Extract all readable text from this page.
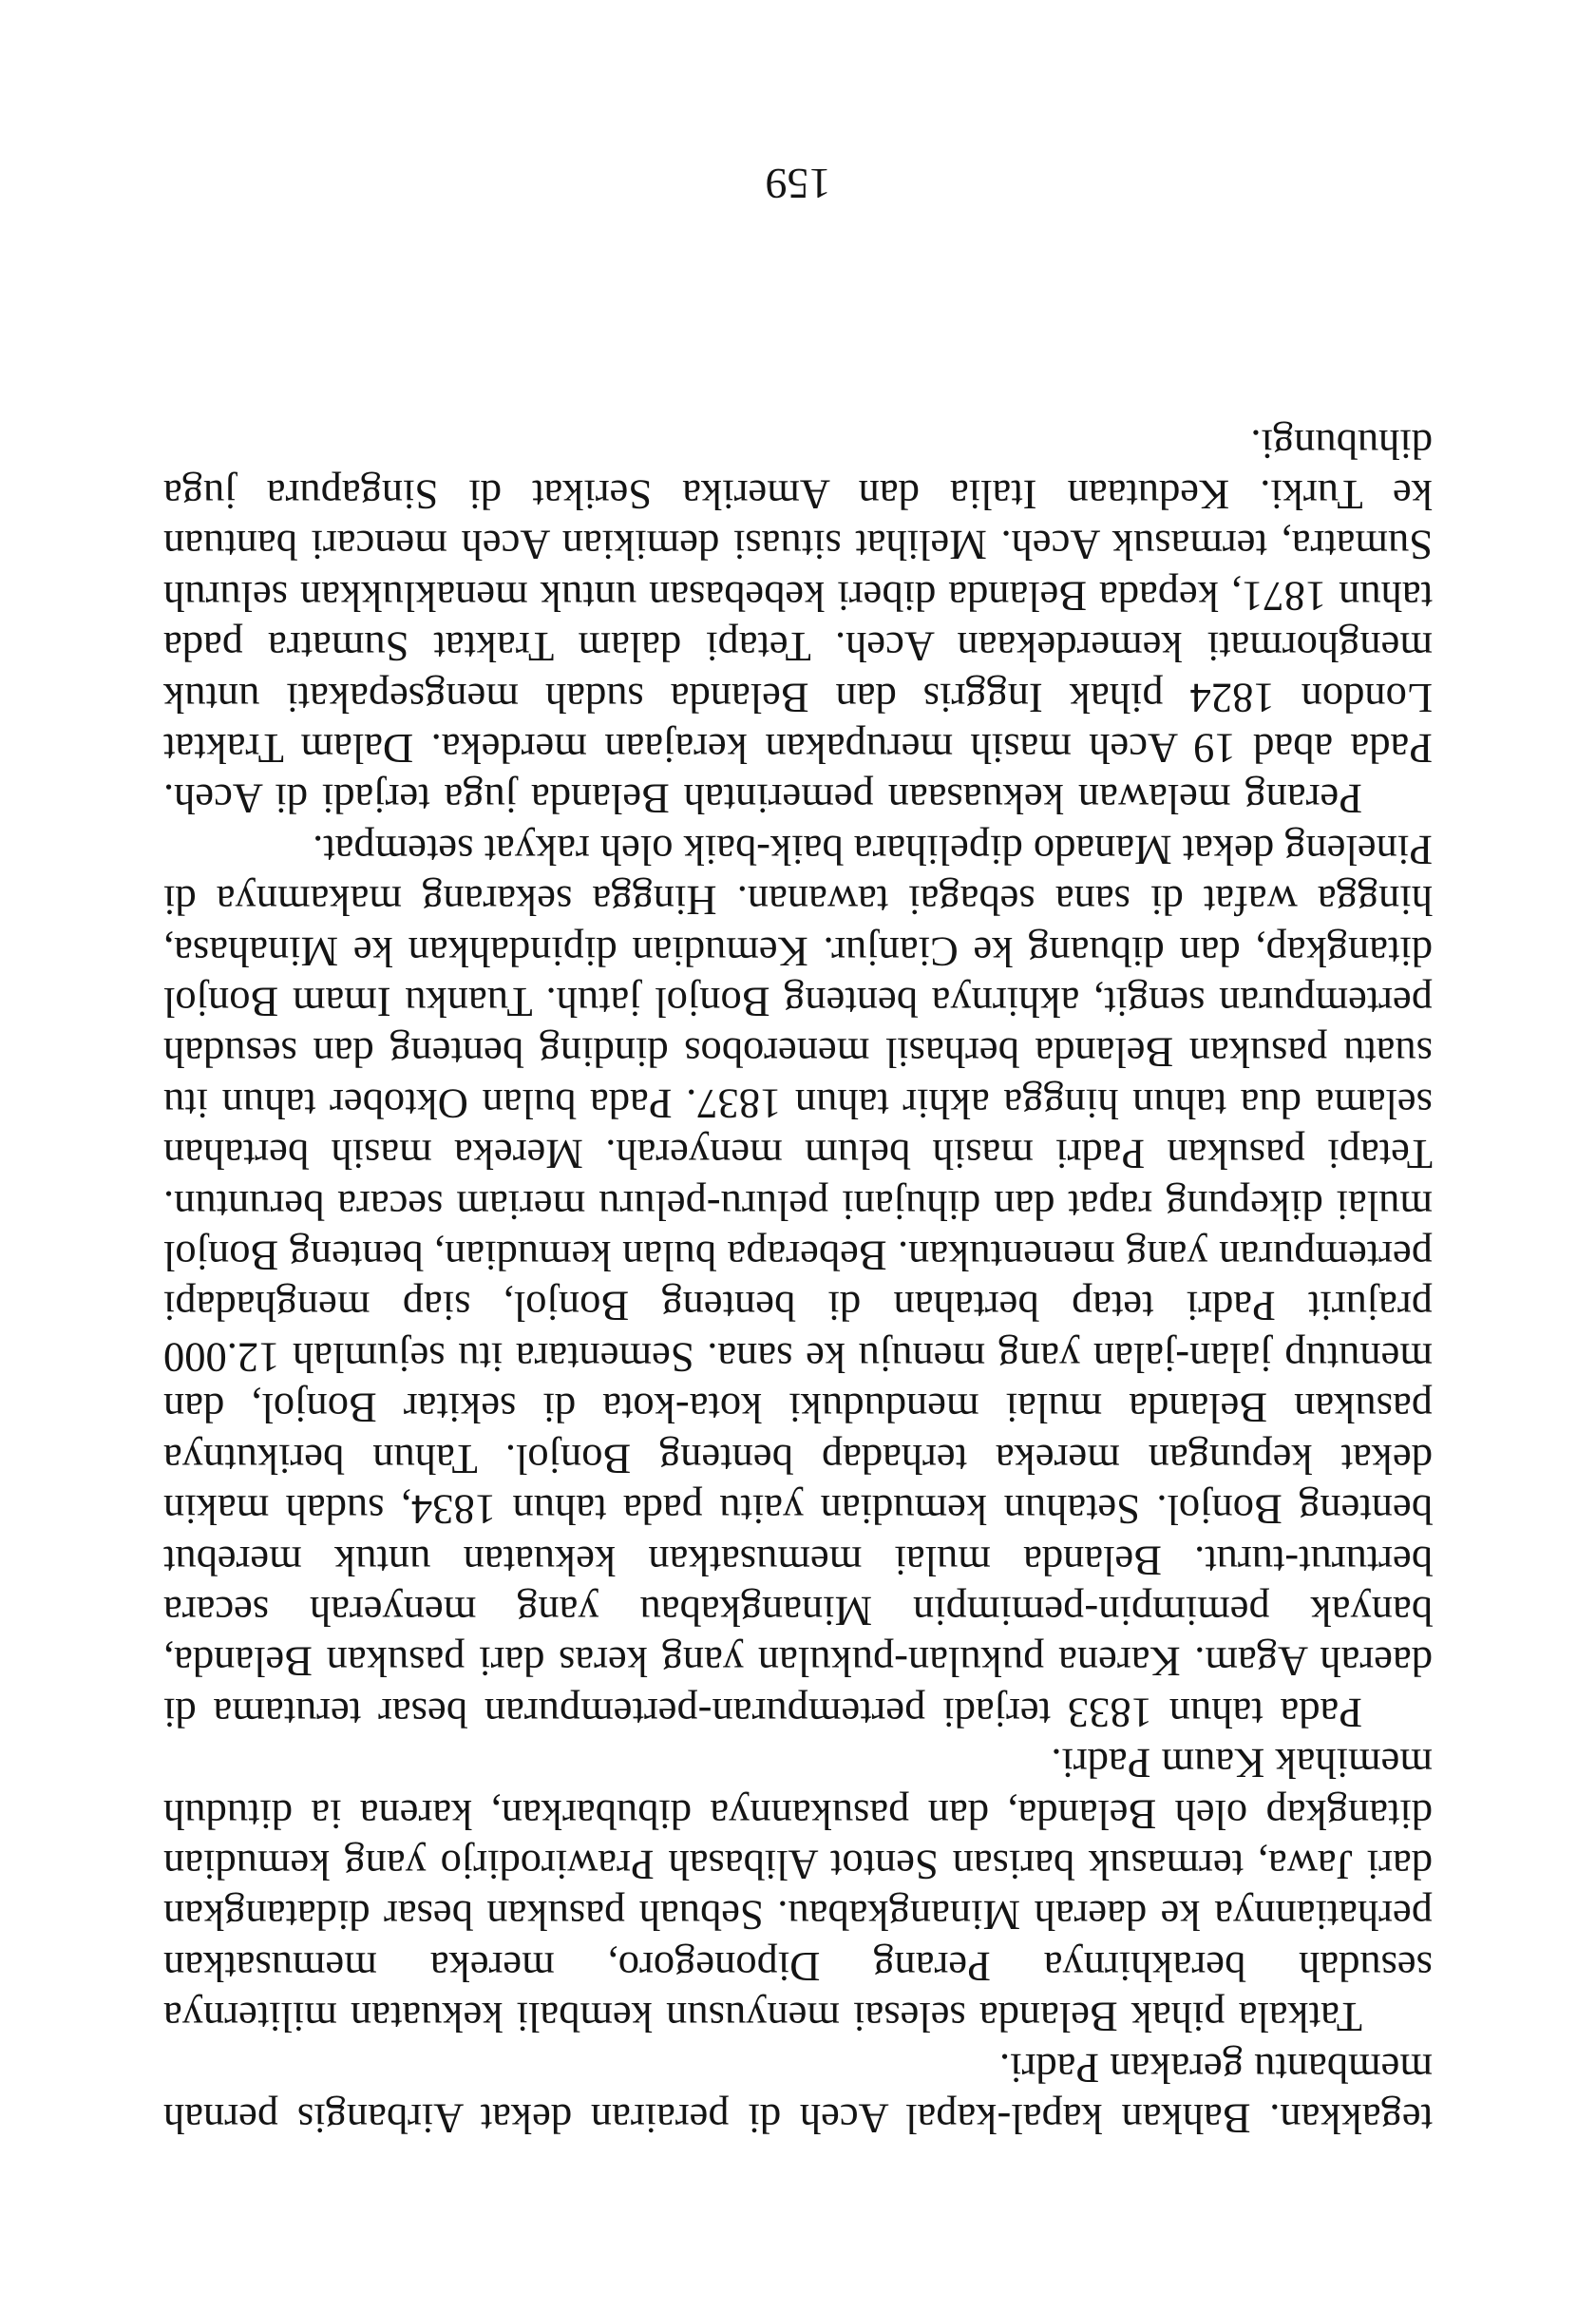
tegakkan. Bahkan kapal-kapal Aceh di perairan dekat Airbangis pernah membantu gerakan Padri.

Tatkala pihak Belanda selesai menyusun kembali kekuatan militernya sesudah berakhirnya Perang Diponegoro, mereka memusatkan perhatiannya ke daerah Minangkabau. Sebuah pasukan besar didatangkan dari Jawa, termasuk barisan Sentot Alibasah Prawirodirjo yang kemudian ditangkap oleh Belanda, dan pasukannya dibubarkan, karena ia dituduh memihak Kaum Padri.

Pada tahun 1833 terjadi pertempuran-pertempuran besar terutama di daerah Agam. Karena pukulan-pukulan yang keras dari pasukan Belanda, banyak pemimpin-pemimpin Minangkabau yang menyerah secara berturut-turut. Belanda mulai memusatkan kekuatan untuk merebut benteng Bonjol. Setahun kemudian yaitu pada tahun 1834, sudah makin dekat kepungan mereka terhadap benteng Bonjol. Tahun berikutnya pasukan Belanda mulai menduduki kota-kota di sekitar Bonjol, dan menutup jalan-jalan yang menuju ke sana. Sementara itu sejumlah 12.000 prajurit Padri tetap bertahan di benteng Bonjol, siap menghadapi pertempuran yang menentukan. Beberapa bulan kemudian, benteng Bonjol mulai dikepung rapat dan dihujani peluru-peluru meriam secara beruntun. Tetapi pasukan Padri masih belum menyerah. Mereka masih bertahan selama dua tahun hingga akhir tahun 1837. Pada bulan Oktober tahun itu suatu pasukan Belanda berhasil menerobos dinding benteng dan sesudah pertempuran sengit, akhirnya benteng Bonjol jatuh. Tuanku Imam Bonjol ditangkap, dan dibuang ke Cianjur. Kemudian dipindahkan ke Minahasa, hingga wafat di sana sebagai tawanan. Hingga sekarang makamnya di Pineleng dekat Manado dipelihara baik-baik oleh rakyat setempat.

Perang melawan kekuasaan pemerintah Belanda juga terjadi di Aceh. Pada abad 19 Aceh masih merupakan kerajaan merdeka. Dalam Traktat London 1824 pihak Inggris dan Belanda sudah mengsepakati untuk menghormati kemerdekaan Aceh. Tetapi dalam Traktat Sumatra pada tahun 1871, kepada Belanda diberi kebebasan untuk menaklukkan seluruh Sumatra, termasuk Aceh. Melihat situasi demikian Aceh mencari bantuan ke Turki. Kedutaan Italia dan Amerika Serikat di Singapura juga dihubungi.

159
